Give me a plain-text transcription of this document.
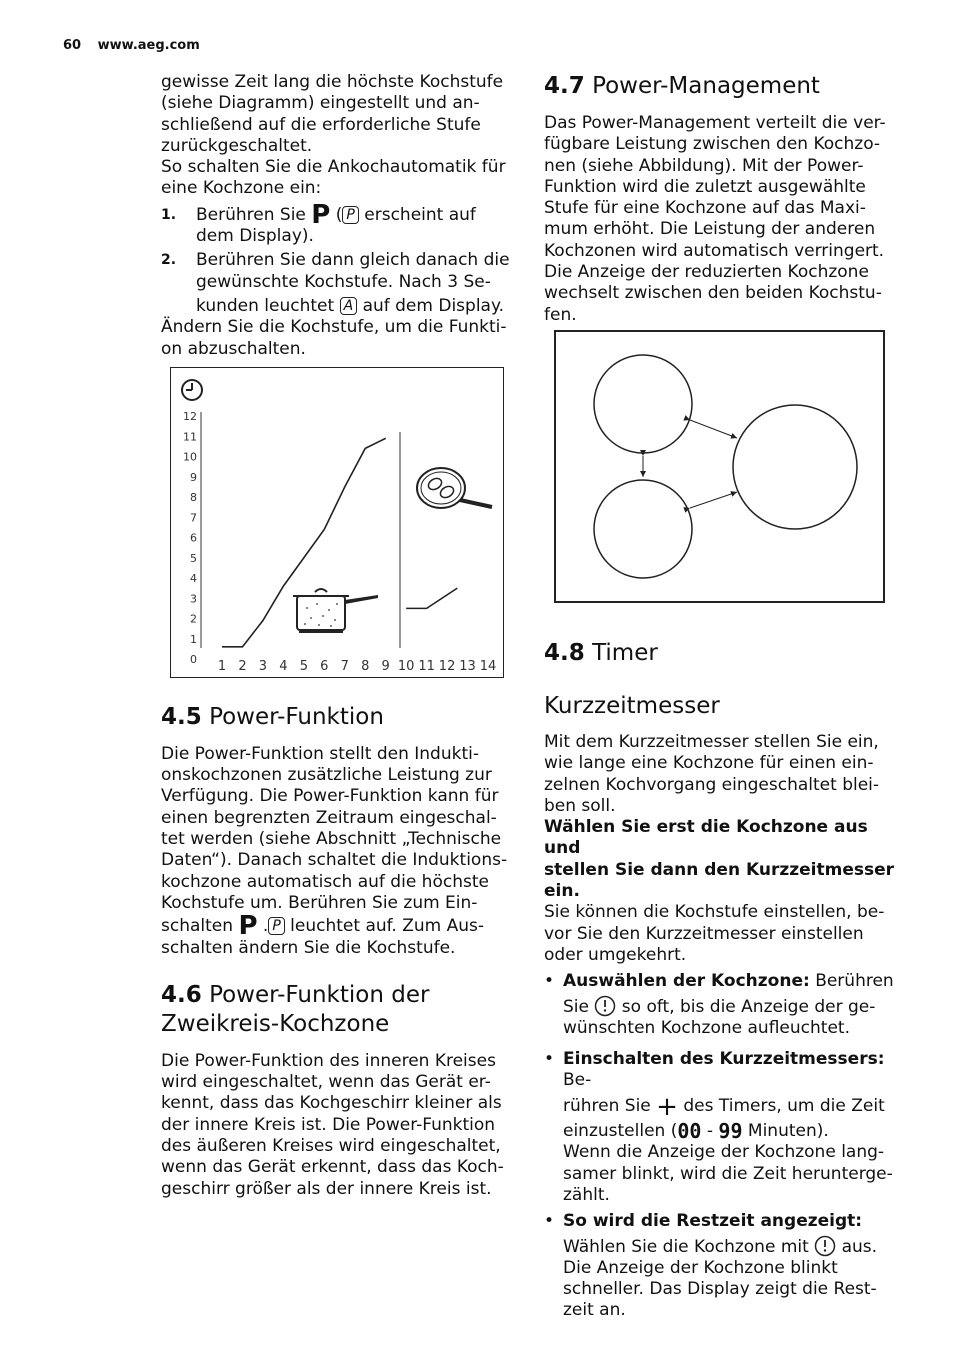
60 www.aeg.com

gewisse Zeit lang die höchste Kochstufe

(siehe Diagramm) eingestellt und an-

schließend auf die erforderliche Stufe

zurückgeschaltet.

So schalten Sie die Ankochautomatik für

eine Kochzone ein:

1. Berühren Sie P ( P erscheint auf

dem Display).

2. Berühren Sie dann gleich danach die

gewünschte Kochstufe. Nach 3 Se-

kunden leuchtet A auf dem Display.

Ändern Sie die Kochstufe, um die Funkti-

on abzuschalten.

4.5 Power-Funktion

Die Power-Funktion stellt den Indukti-

onskochzonen zusätzliche Leistung zur

Verfügung. Die Power-Funktion kann für

einen begrenzten Zeitraum eingeschal-

tet werden (siehe Abschnitt „Technische

Daten“). Danach schaltet die Induktions-

kochzone automatisch auf die höchste

Kochstufe um. Berühren Sie zum Ein-

schalten P . P leuchtet auf. Zum Aus-

schalten ändern Sie die Kochstufe.

4.6 Power-Funktion der
Zweikreis-Kochzone

Die Power-Funktion des inneren Kreises

wird eingeschaltet, wenn das Gerät er-

kennt, dass das Kochgeschirr kleiner als

der innere Kreis ist. Die Power-Funktion

des äußeren Kreises wird eingeschaltet,

wenn das Gerät erkennt, dass das Koch-

geschirr größer als der innere Kreis ist.

0
1
2
3
4
5
6
7
8
9
10
11
12
1 2 3 4 5 6 7 8 9 10 11 12 13 14
4.7 Power-Management

Das Power-Management verteilt die ver-

fügbare Leistung zwischen den Kochzo-

nen (siehe Abbildung). Mit der Power-

Funktion wird die zuletzt ausgewählte

Stufe für eine Kochzone auf das Maxi-

mum erhöht. Die Leistung der anderen

Kochzonen wird automatisch verringert.

Die Anzeige der reduzierten Kochzone

wechselt zwischen den beiden Kochstu-

fen.

4.8 Timer
Kurzzeitmesser

Mit dem Kurzzeitmesser stellen Sie ein,

wie lange eine Kochzone für einen ein-

zelnen Kochvorgang eingeschaltet blei-

ben soll.

Wählen Sie erst die Kochzone aus und

stellen Sie dann den Kurzzeitmesser

ein.

Sie können die Kochstufe einstellen, be-

vor Sie den Kurzzeitmesser einstellen

oder umgekehrt.

• Auswählen der Kochzone: Berühren

Sie so oft, bis die Anzeige der ge-

wünschten Kochzone aufleuchtet.

• Einschalten des Kurzzeitmessers: Be-

rühren Sie + des Timers, um die Zeit

einzustellen (00 - 99 Minuten).

Wenn die Anzeige der Kochzone lang-

samer blinkt, wird die Zeit herunterge-

zählt.

• So wird die Restzeit angezeigt:

Wählen Sie die Kochzone mit aus.

Die Anzeige der Kochzone blinkt

schneller. Das Display zeigt die Rest-

zeit an.
